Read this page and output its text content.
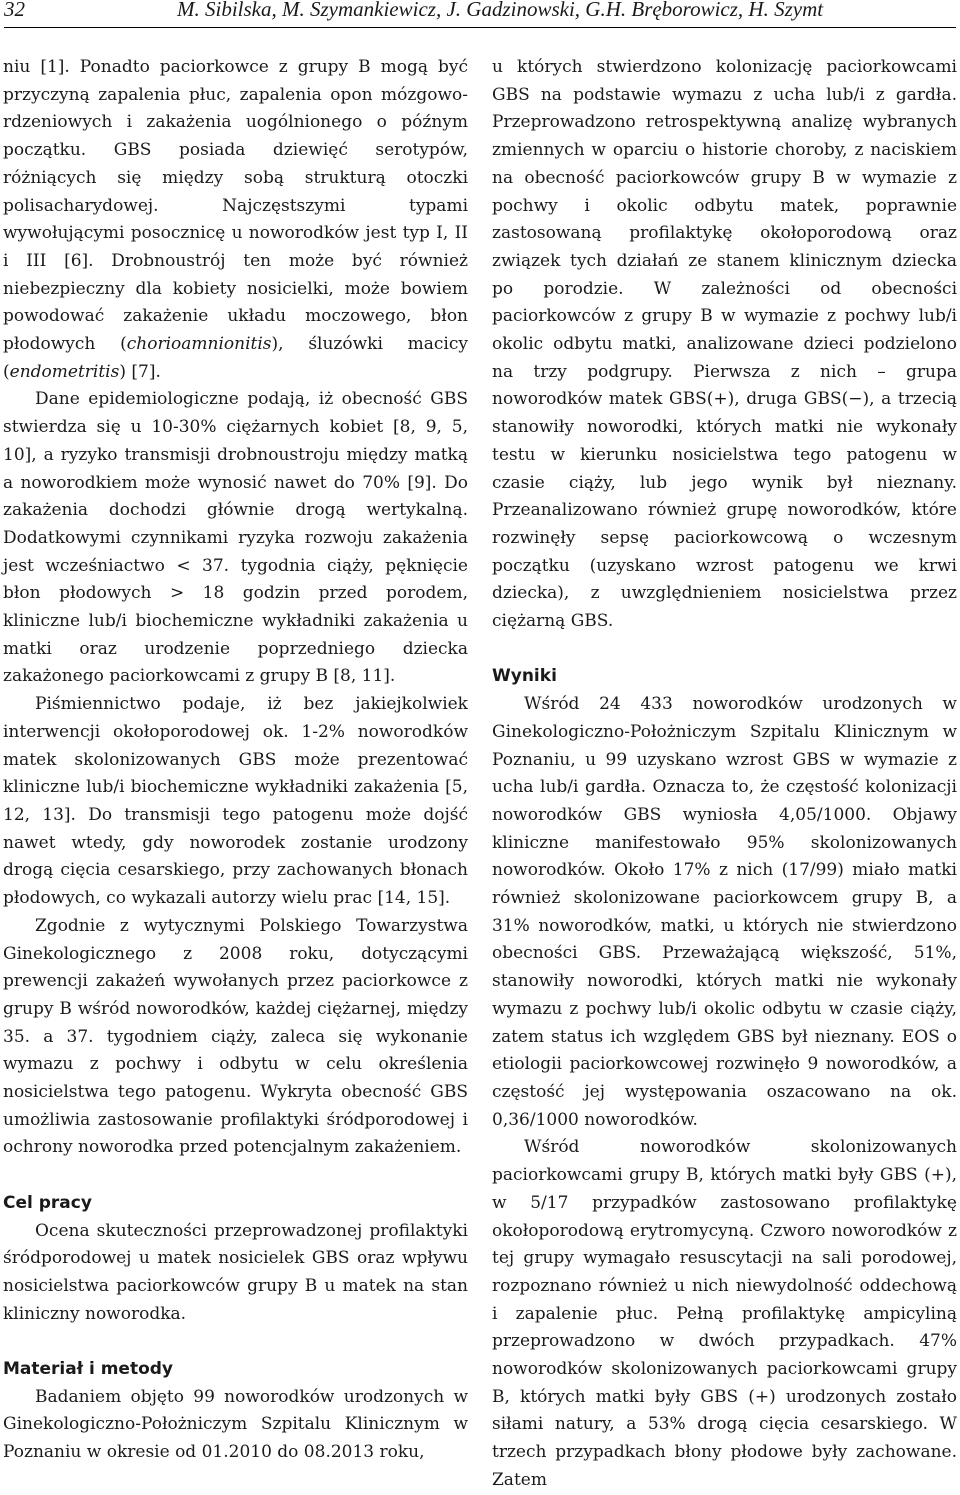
32	M. Sibilska, M. Szymankiewicz, J. Gadzinowski, G.H. Bręborowicz, H. Szymt

niu [1]. Ponadto paciorkowce z grupy B mogą być przyczyną zapalenia płuc, zapalenia opon mózgowo-rdzeniowych i zakażenia uogólnionego o późnym początku. GBS posiada dziewięć serotypów, różniących się między sobą strukturą otoczki polisacharydowej. Najczęstszymi typami wywołującymi posocznicę u noworodków jest typ I, II i III [6]. Drobnoustrój ten może być również niebezpieczny dla kobiety nosicielki, może bowiem powodować zakażenie układu moczowego, błon płodowych (chorioamnionitis), śluzówki macicy (endometritis) [7].

Dane epidemiologiczne podają, iż obecność GBS stwierdza się u 10-30% ciężarnych kobiet [8, 9, 5, 10], a ryzyko transmisji drobnoustroju między matką a noworodkiem może wynosić nawet do 70% [9]. Do zakażenia dochodzi głównie drogą wertykalną. Dodatkowymi czynnikami ryzyka rozwoju zakażenia jest wcześniactwo < 37. tygodnia ciąży, pęknięcie błon płodowych > 18 godzin przed porodem, kliniczne lub/i biochemiczne wykładniki zakażenia u matki oraz urodzenie poprzedniego dziecka zakażonego paciorkowcami z grupy B [8, 11].

Piśmiennictwo podaje, iż bez jakiejkolwiek interwencji okołoporodowej ok. 1-2% noworodków matek skolonizowanych GBS może prezentować kliniczne lub/i biochemiczne wykładniki zakażenia [5, 12, 13]. Do transmisji tego patogenu może dojść nawet wtedy, gdy noworodek zostanie urodzony drogą cięcia cesarskiego, przy zachowanych błonach płodowych, co wykazali autorzy wielu prac [14, 15].

Zgodnie z wytycznymi Polskiego Towarzystwa Ginekologicznego z 2008 roku, dotyczącymi prewencji zakażeń wywołanych przez paciorkowce z grupy B wśród noworodków, każdej ciężarnej, między 35. a 37. tygodniem ciąży, zaleca się wykonanie wymazu z pochwy i odbytu w celu określenia nosicielstwa tego patogenu. Wykryta obecność GBS umożliwia zastosowanie profilaktyki śródporodowej i ochrony noworodka przed potencjalnym zakażeniem.

Cel pracy

Ocena skuteczności przeprowadzonej profilaktyki śródporodowej u matek nosicielek GBS oraz wpływu nosicielstwa paciorkowców grupy B u matek na stan kliniczny noworodka.

Materiał i metody

Badaniem objęto 99 noworodków urodzonych w Ginekologiczno-Położniczym Szpitalu Klinicznym w Poznaniu w okresie od 01.2010 do 08.2013 roku,

u których stwierdzono kolonizację paciorkowcami GBS na podstawie wymazu z ucha lub/i z gardła. Przeprowadzono retrospektywną analizę wybranych zmiennych w oparciu o historie choroby, z naciskiem na obecność paciorkowców grupy B w wymazie z pochwy i okolic odbytu matek, poprawnie zastosowaną profilaktykę okołoporodową oraz związek tych działań ze stanem klinicznym dziecka po porodzie. W zależności od obecności paciorkowców z grupy B w wymazie z pochwy lub/i okolic odbytu matki, analizowane dzieci podzielono na trzy podgrupy. Pierwsza z nich – grupa noworodków matek GBS(+), druga GBS(−), a trzecią stanowiły noworodki, których matki nie wykonały testu w kierunku nosicielstwa tego patogenu w czasie ciąży, lub jego wynik był nieznany. Przeanalizowano również grupę noworodków, które rozwinęły sepsę paciorkowcową o wczesnym początku (uzyskano wzrost patogenu we krwi dziecka), z uwzględnieniem nosicielstwa przez ciężarną GBS.

Wyniki

Wśród 24 433 noworodków urodzonych w Ginekologiczno-Położniczym Szpitalu Klinicznym w Poznaniu, u 99 uzyskano wzrost GBS w wymazie z ucha lub/i gardła. Oznacza to, że częstość kolonizacji noworodków GBS wyniosła 4,05/1000. Objawy kliniczne manifestowało 95% skolonizowanych noworodków. Około 17% z nich (17/99) miało matki również skolonizowane paciorkowcem grupy B, a 31% noworodków, matki, u których nie stwierdzono obecności GBS. Przeważającą większość, 51%, stanowiły noworodki, których matki nie wykonały wymazu z pochwy lub/i okolic odbytu w czasie ciąży, zatem status ich względem GBS był nieznany. EOS o etiologii paciorkowcowej rozwinęło 9 noworodków, a częstość jej występowania oszacowano na ok. 0,36/1000 noworodków.

Wśród noworodków skolonizowanych paciorkowcami grupy B, których matki były GBS (+), w 5/17 przypadków zastosowano profilaktykę okołoporodową erytromycyną. Czworo noworodków z tej grupy wymagało resuscytacji na sali porodowej, rozpoznano również u nich niewydolność oddechową i zapalenie płuc. Pełną profilaktykę ampicyliną przeprowadzono w dwóch przypadkach. 47% noworodków skolonizowanych paciorkowcami grupy B, których matki były GBS (+) urodzonych zostało siłami natury, a 53% drogą cięcia cesarskiego. W trzech przypadkach błony płodowe były zachowane. Zatem
